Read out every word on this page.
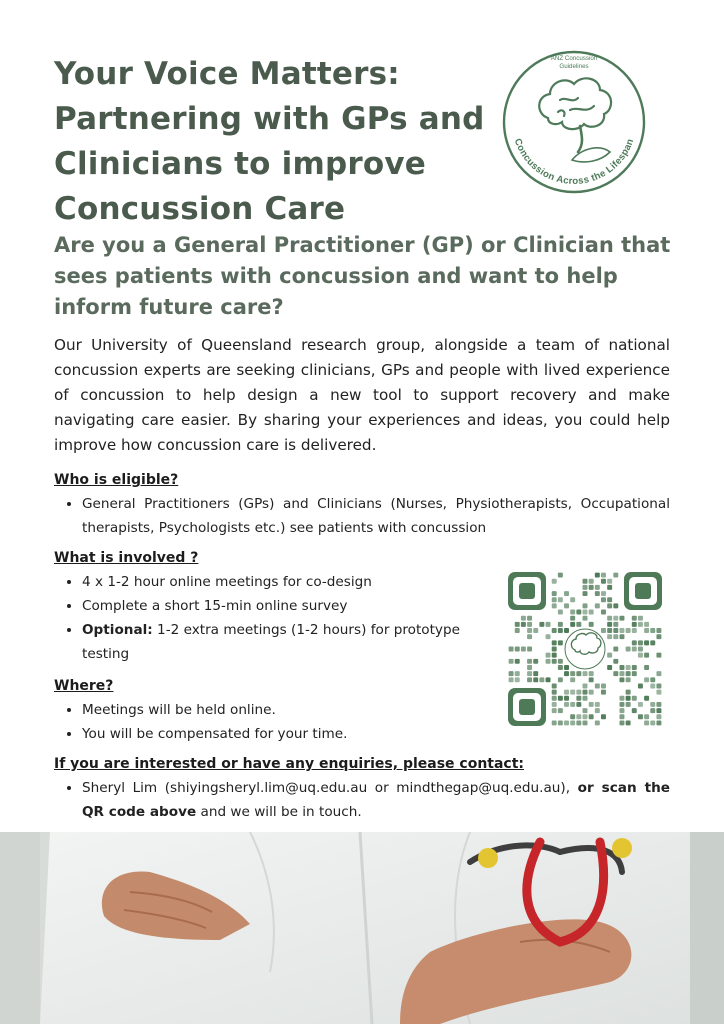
Your Voice Matters: Partnering with GPs and Clinicians to improve Concussion Care
ANZ Concussion
Guidelines
Concussion Across the Lifespan
Are you a General Practitioner (GP) or Clinician that sees patients with concussion and want to help inform future care?

Our University of Queensland research group, alongside a team of national concussion experts are seeking clinicians, GPs and people with lived experience of concussion to help design a new tool to support recovery and make navigating care easier. By sharing your experiences and ideas, you could help improve how concussion care is delivered.

Who is eligible?

• General Practitioners (GPs) and Clinicians (Nurses, Physiotherapists, Occupational therapists, Psychologists etc.) see patients with concussion

What is involved ?

• 4 x 1-2 hour online meetings for co-design
• Complete a short 15-min online survey
• Optional: 1-2 extra meetings (1-2 hours) for prototype testing

Where?

• Meetings will be held online.
• You will be compensated for your time.

If you are interested or have any enquiries, please contact:

• Sheryl Lim (shiyingsheryl.lim@uq.edu.au or mindthegap@uq.edu.au), or scan the QR code above and we will be in touch.
